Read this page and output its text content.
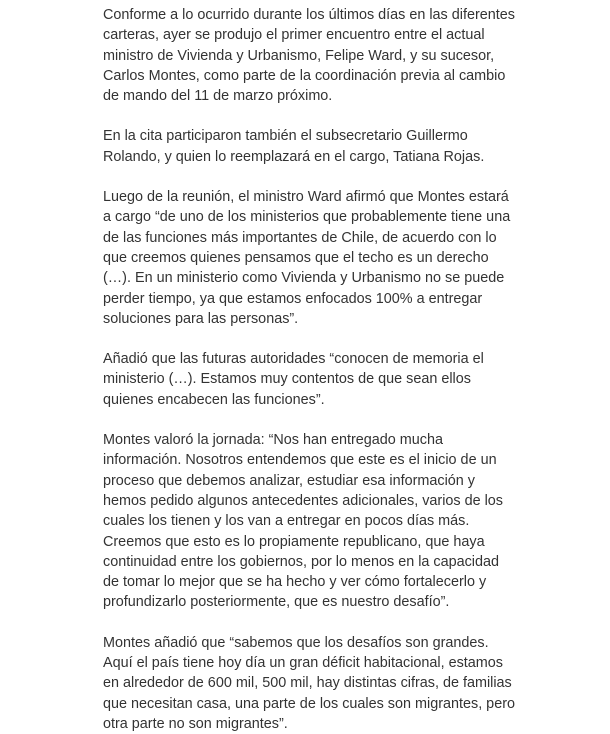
Conforme a lo ocurrido durante los últimos días en las diferentes carteras, ayer se produjo el primer encuentro entre el actual ministro de Vivienda y Urbanismo, Felipe Ward, y su sucesor, Carlos Montes, como parte de la coordinación previa al cambio de mando del 11 de marzo próximo.

En la cita participaron también el subsecretario Guillermo Rolando, y quien lo reemplazará en el cargo, Tatiana Rojas.

Luego de la reunión, el ministro Ward afirmó que Montes estará a cargo “de uno de los ministerios que probablemente tiene una de las funciones más importantes de Chile, de acuerdo con lo que creemos quienes pensamos que el techo es un derecho (…). En un ministerio como Vivienda y Urbanismo no se puede perder tiempo, ya que estamos enfocados 100% a entregar soluciones para las personas”.

Añadió que las futuras autoridades “conocen de memoria el ministerio (…). Estamos muy contentos de que sean ellos quienes encabecen las funciones”.

Montes valoró la jornada: “Nos han entregado mucha información. Nosotros entendemos que este es el inicio de un proceso que debemos analizar, estudiar esa información y hemos pedido algunos antecedentes adicionales, varios de los cuales los tienen y los van a entregar en pocos días más. Creemos que esto es lo propiamente republicano, que haya continuidad entre los gobiernos, por lo menos en la capacidad de tomar lo mejor que se ha hecho y ver cómo fortalecerlo y profundizarlo posteriormente, que es nuestro desafío”.

Montes añadió que “sabemos que los desafíos son grandes. Aquí el país tiene hoy día un gran déficit habitacional, estamos en alrededor de 600 mil, 500 mil, hay distintas cifras, de familias que necesitan casa, una parte de los cuales son migrantes, pero otra parte no son migrantes”.
